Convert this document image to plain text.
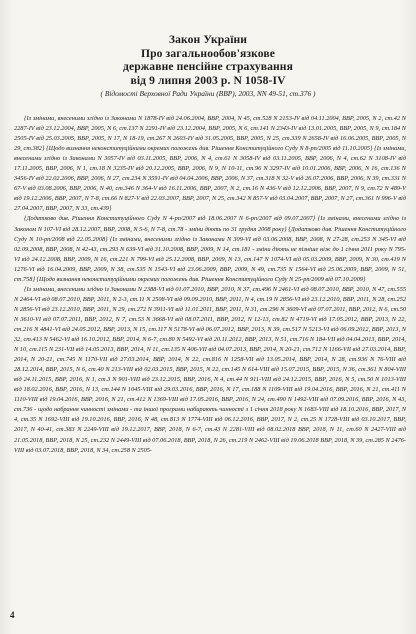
Закон України
Про загальнообов'язкове
державне пенсійне страхування
від 9 липня 2003 р. N 1058-IV
( Відомості Верховної Ради України (ВВР), 2003, NN 49-51, ст.376 )

{Із змінами, внесеними згідно із Законами N 1878-IV від 24.06.2004, ВВР, 2004, N 45, ст.528 N 2153-IV від 04.11.2004, ВВР, 2005, N 2, ст.42 N 2287-IV від 23.12.2004, ВВР, 2005, N 6, ст.137 N 2291-IV від 23.12.2004, ВВР, 2005, N 6, ст.141 N 2343-IV від 13.01.2005, ВВР, 2005, N 9, ст.184 N 2505-IV від 25.03.2005, ВВР, 2005, N 17, N 18-19, ст.267 N 2603-IV від 31.05.2005, ВВР, 2005, N 25, ст.339 N 2658-IV від 16.06.2005, ВВР, 2005, N 29, ст.382} {Щодо визнання неконституційними окремих положень див. Рішення Конституційного Суду N 8-рп/2005 від 11.10.2005} {Із змінами, внесеними згідно із Законами N 3057-IV від 03.11.2005, ВВР, 2006, N 4, ст.61 N 3058-IV від 03.11.2005, ВВР, 2006, N 4, ст.62 N 3108-IV від 17.11.2005, ВВР, 2006, N 1, ст.18 N 3235-IV від 20.12.2005, ВВР, 2006, N 9, N 10-11, ст.96 N 3297-IV від 10.01.2006, ВВР, 2006, N 16, ст.136 N 3456-IV від 22.02.2006, ВВР, 2006, N 27, ст.234 N 3591-IV від 04.04.2006, ВВР, 2006, N 37, ст.318 N 32-V від 26.07.2006, ВВР, 2006, N 39, ст.331 N 67-V від 03.08.2006, ВВР, 2006, N 40, ст.346 N 364-V від 16.11.2006, ВВР, 2007, N 2, ст.16 N 436-V від 12.12.2006, ВВР, 2007, N 9, ст.72 N 489-V від 19.12.2006, ВВР, 2007, N 7-8, ст.66 N 827-V від 22.03.2007, ВВР, 2007, N 25, ст.342 N 857-V від 03.04.2007, ВВР, 2007, N 27, ст.361 N 996-V від 27.04.2007, ВВР, 2007, N 33, ст.439}

{Додатково див. Рішення Конституційного Суду N 4-рп/2007 від 18.06.2007 N 6-рп/2007 від 09.07.2007} {Із змінами, внесеними згідно із Законом N 107-VI від 28.12.2007, ВВР, 2008, N 5-6, N 7-8, ст.78 - зміни діють по 31 грудня 2008 року} {Додатково див. Рішення Конституційного Суду N 10-рп/2008 від 22.05.2008} {Із змінами, внесеними згідно із Законами N 309-VI від 03.06.2008, ВВР, 2008, N 27-28, ст.253 N 345-VI від 02.09.2008, ВВР, 2008, N 42-43, ст.293 N 639-VI від 31.10.2008, ВВР, 2009, N 14, ст.181 - зміни діють не пізніше ніж до 1 січня 2011 року N 795-VI від 24.12.2008, ВВР, 2009, N 16, ст.221 N 799-VI від 25.12.2008, ВВР, 2009, N 13, ст.147 N 1074-VI від 05.03.2009, ВВР, 2009, N 30, ст.419 N 1276-VI від 16.04.2009, ВВР, 2009, N 38, ст.535 N 1543-VI від 23.06.2009, ВВР, 2009, N 49, ст.735 N 1564-VI від 25.06.2009, ВВР, 2009, N 51, ст.758} {Щодо визнання неконституційними окремих положень див. Рішення Конституційного Суду N 25-рп/2009 від 07.10.2009}

{Із змінами, внесеними згідно із Законами N 2388-VI від 01.07.2010, ВВР, 2010, N 37, ст.496 N 2461-VI від 08.07.2010, ВВР, 2010, N 47, ст.555 N 2464-VI від 08.07.2010, ВВР, 2011, N 2-3, ст.11 N 2508-VI від 09.09.2010, ВВР, 2011, N 4, ст.19 N 2856-VI від 23.12.2010, ВВР, 2011, N 28, ст.252 N 2856-VI від 23.12.2010, ВВР, 2011, N 29, ст.272 N 3911-VI від 11.01.2011, ВВР, 2011, N 31, ст.296 N 3609-VI від 07.07.2011, ВВР, 2012, N 6, ст.50 N 3610-VI від 07.07.2011, ВВР, 2012, N 7, ст.53 N 3668-VI від 08.07.2011, ВВР, 2012, N 12-13, ст.82 N 4719-VI від 17.05.2012, ВВР, 2013, N 22, ст.216 N 4841-VI від 24.05.2012, ВВР, 2013, N 15, ст.117 N 5178-VI від 06.07.2012, ВВР, 2013, N 39, ст.517 N 5213-VI від 06.09.2012, ВВР, 2013, N 32, ст.413 N 5462-VI від 16.10.2012, ВВР, 2014, N 6-7, ст.80 N 5492-VI від 20.11.2012, ВВР, 2013, N 51, ст.716 N 184-VII від 04.04.2013, ВВР, 2014, N 10, ст.115 N 231-VII від 14.05.2013, ВВР, 2014, N 11, ст.135 N 406-VII від 04.07.2013, ВВР, 2014, N 20-21, ст.712 N 1166-VII від 27.03.2014, ВВР, 2014, N 20-21, ст.745 N 1170-VII від 27.03.2014, ВВР, 2014, N 22, ст.816 N 1258-VII від 13.05.2014, ВВР, 2014, N 28, ст.936 N 76-VIII від 28.12.2014, ВВР, 2015, N 6, ст.40 N 213-VIII від 02.03.2015, ВВР, 2015, N 22, ст.145 N 614-VIII від 15.07.2015, ВВР, 2015, N 36, ст.361 N 804-VIII від 24.11.2015, ВВР, 2016, N 1, ст.3 N 901-VIII від 23.12.2015, ВВР, 2016, N 4, ст.44 N 911-VIII від 24.12.2015, ВВР, 2016, N 5, ст.50 N 1013-VIII від 18.02.2016, ВВР, 2016, N 13, ст.144 N 1045-VIII від 29.03.2016, ВВР, 2016, N 17, ст.188 N 1109-VIII від 19.04.2016, ВВР, 2016, N 21, ст.411 N 1110-VIII від 19.04.2016, ВВР, 2016, N 21, ст.412 N 1369-VIII від 17.05.2016, ВВР, 2016, N 24, ст.490 N 1492-VIII від 07.09.2016, ВВР, 2016, N 43, ст.736 - щодо набрання чинності змінами - та іншої програми набирають чинності з 1 січня 2018 року N 1683-VIII від 18.10.2016, ВВР, 2017, N 4, ст.35 N 1692-VIII від 19.10.2016, ВВР, 2016, N 48, ст.813 N 1774-VIII від 06.12.2016, ВВР, 2017, N 2, ст.25 N 1728-VIII від 03.10.2017, ВВР, 2017, N 40-41, ст.383 N 2249-VIII від 19.12.2017, ВВР, 2018, N 6-7, ст.43 N 2281-VIII від 08.02.2018 ВВР, 2018, N 11, ст.60 N 2427-VIII від 21.05.2018, ВВР, 2018, N 25, ст.232 N 2449-VIII від 07.06.2018, ВВР, 2018, N 26, ст.219 N 2462-VIII від 19.06.2018 ВВР, 2018, N 39, ст.285 N 2476-VIII від 03.07.2018, ВВР, 2018, N 34, ст.258 N 2505-

4
